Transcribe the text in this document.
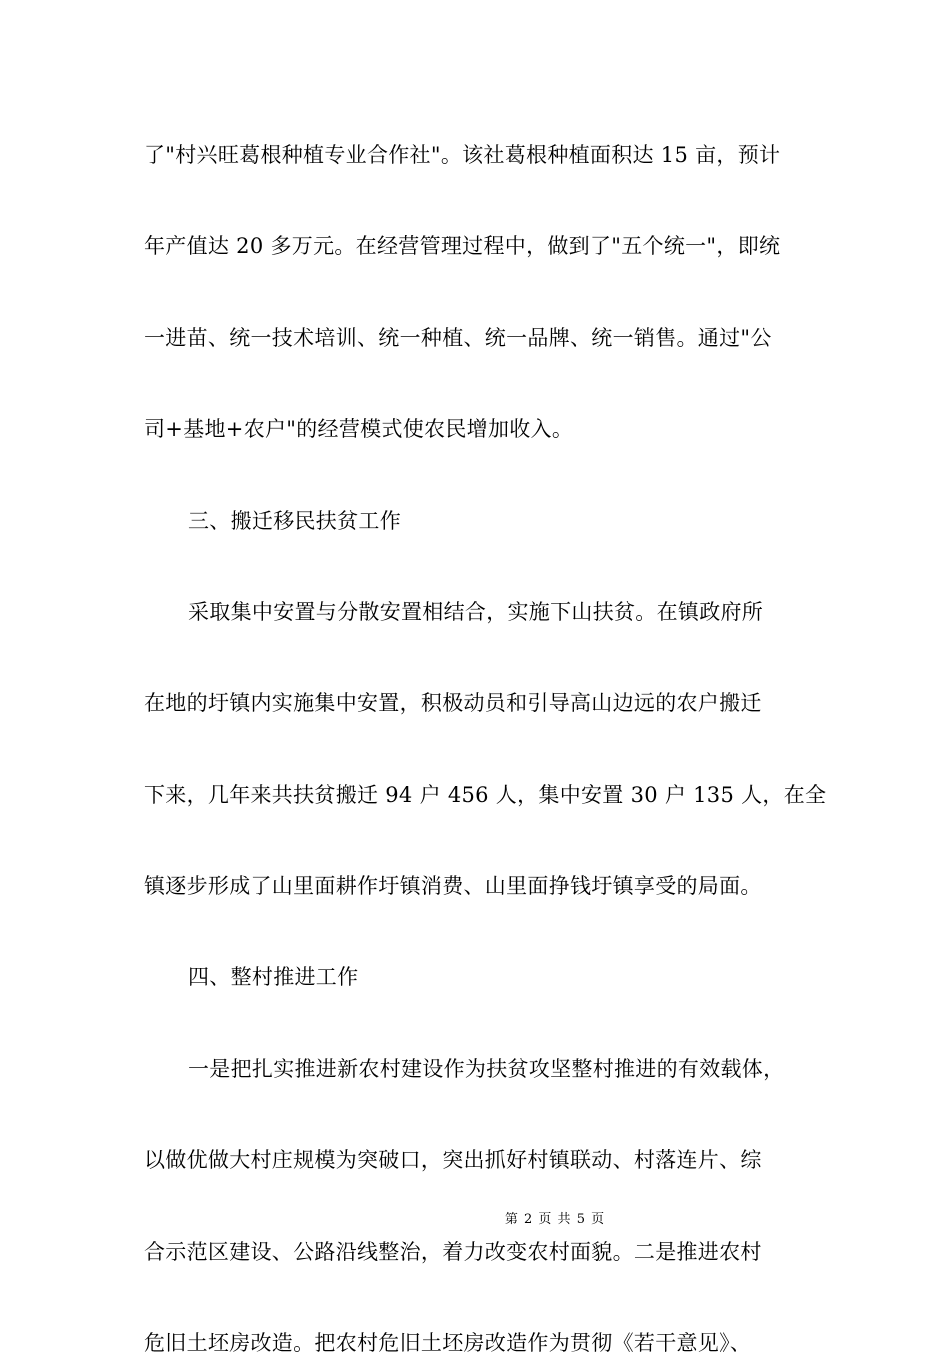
了"村兴旺葛根种植专业合作社"。该社葛根种植面积达 15 亩，预计
年产值达 20 多万元。在经营管理过程中，做到了"五个统一"，即统
一进苗、统一技术培训、统一种植、统一品牌、统一销售。通过"公
司+基地+农户"的经营模式使农民增加收入。
三、搬迁移民扶贫工作
采取集中安置与分散安置相结合，实施下山扶贫。在镇政府所
在地的圩镇内实施集中安置，积极动员和引导高山边远的农户搬迁
下来，几年来共扶贫搬迁 94 户 456 人，集中安置 30 户 135 人，在全
镇逐步形成了山里面耕作圩镇消费、山里面挣钱圩镇享受的局面。
四、整村推进工作
一是把扎实推进新农村建设作为扶贫攻坚整村推进的有效载体，
以做优做大村庄规模为突破口，突出抓好村镇联动、村落连片、综
合示范区建设、公路沿线整治，着力改变农村面貌。二是推进农村
危旧土坯房改造。把农村危旧土坯房改造作为贯彻《若干意见》、
第 2 页 共 5 页
